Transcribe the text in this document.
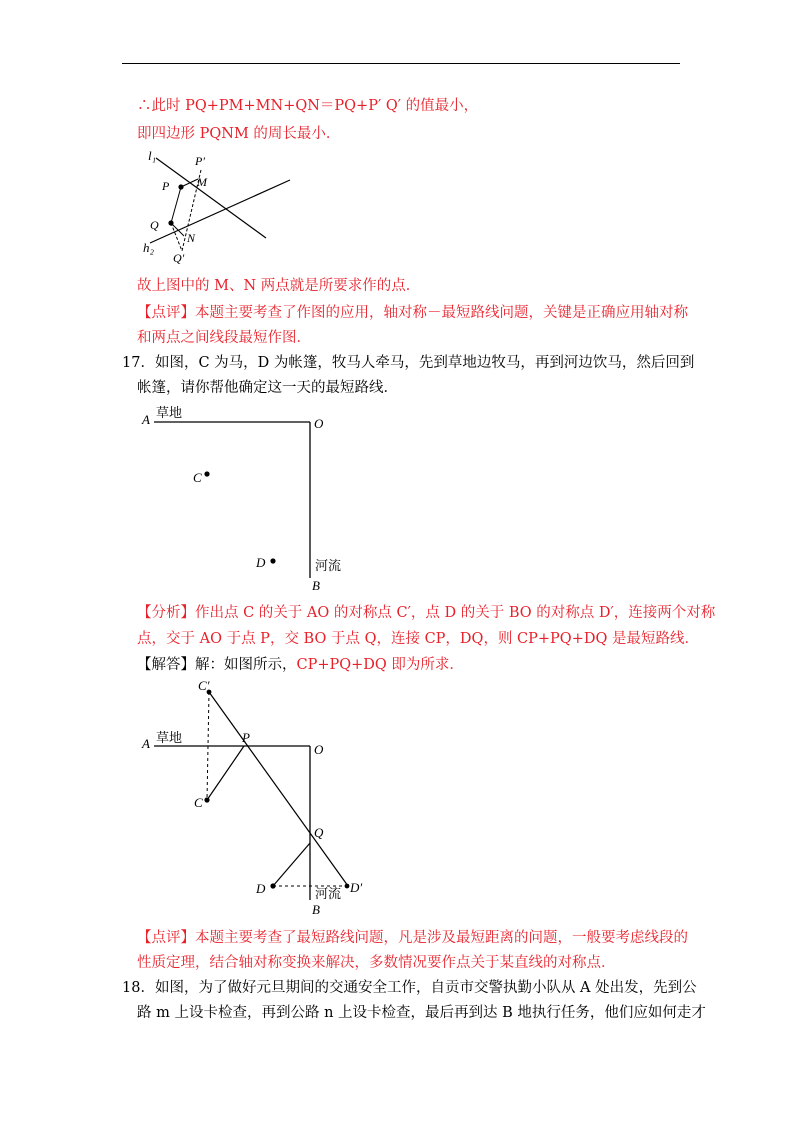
∴此时 PQ+PM+MN+QN＝PQ+P′ Q′ 的值最小，
即四边形 PQNM 的周长最小．
l₁
h₂
P′
M
P
Q
N
Q′
故上图中的 M、N 两点就是所要求作的点．
【点评】本题主要考查了作图的应用，轴对称－最短路线问题，关键是正确应用轴对称
和两点之间线段最短作图．
17．如图，C 为马，D 为帐篷，牧马人牵马，先到草地边牧马，再到河边饮马，然后回到
帐篷，请你帮他确定这一天的最短路线．
A 草地
O
C
D	河流
B
【分析】作出点 C 的关于 AO 的对称点 C′，点 D 的关于 BO 的对称点 D′，连接两个对称
点，交于 AO 于点 P，交 BO 于点 Q，连接 CP，DQ，则 CP+PQ+DQ 是最短路线．
【解答】解：如图所示，CP+PQ+DQ 即为所求．
C′
A 草地	P
O
C
Q
D	河流 D′
B
【点评】本题主要考查了最短路线问题，凡是涉及最短距离的问题，一般要考虑线段的
性质定理，结合轴对称变换来解决，多数情况要作点关于某直线的对称点．
18．如图，为了做好元旦期间的交通安全工作，自贡市交警执勤小队从 A 处出发，先到公
路 m 上设卡检查，再到公路 n 上设卡检查，最后再到达 B 地执行任务，他们应如何走才
